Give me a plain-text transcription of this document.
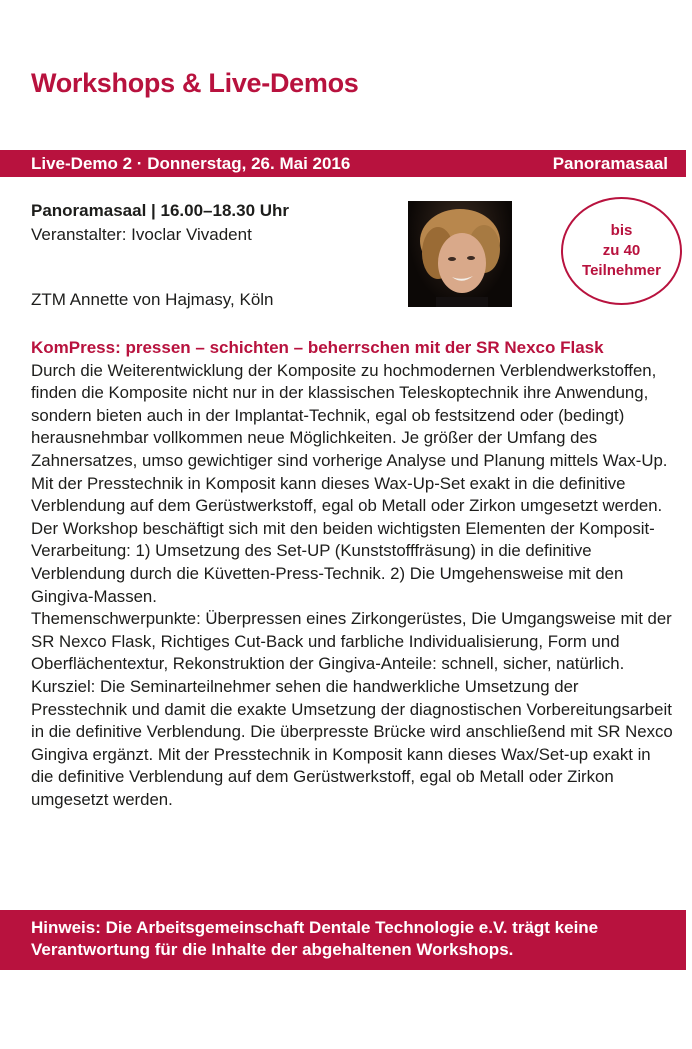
Workshops & Live-Demos
Live-Demo 2 · Donnerstag, 26. Mai 2016	Panoramasaal
Panoramasaal | 16.00–18.30 Uhr
Veranstalter: Ivoclar Vivadent	bis
zu 40
Teilnehmer
ZTM Annette von Hajmasy, Köln
KomPress: pressen – schichten – beherrschen mit der SR Nexco Flask

Durch die Weiterentwicklung der Komposite zu hochmodernen Verblendwerkstoffen, finden die Komposite nicht nur in der klassischen Teleskoptechnik ihre Anwendung, sondern bieten auch in der Implantat-Technik, egal ob festsitzend oder (bedingt) herausnehmbar vollkommen neue Möglichkeiten. Je größer der Umfang des Zahnersatzes, umso gewichtiger sind vorherige Analyse und Planung mittels Wax-Up. Mit der Presstechnik in Komposit kann dieses Wax-Up-Set exakt in die definitive Verblendung auf dem Gerüstwerkstoff, egal ob Metall oder Zirkon umgesetzt werden.

Der Workshop beschäftigt sich mit den beiden wichtigsten Elementen der Komposit-Verarbeitung: 1) Umsetzung des Set-UP (Kunststofffräsung) in die definitive Verblendung durch die Küvetten-Press-Technik. 2) Die Umgehensweise mit den Gingiva-Massen.

Themenschwerpunkte: Überpressen eines Zirkongerüstes, Die Umgangsweise mit der SR Nexco Flask, Richtiges Cut-Back und farbliche Individualisierung, Form und Oberflächentextur, Rekonstruktion der Gingiva-Anteile: schnell, sicher, natürlich.

Kursziel: Die Seminarteilnehmer sehen die handwerkliche Umsetzung der Presstechnik und damit die exakte Umsetzung der diagnostischen Vorbereitungsarbeit in die definitive Verblendung. Die überpresste Brücke wird anschließend mit SR Nexco Gingiva ergänzt. Mit der Presstechnik in Komposit kann dieses Wax/Set-up exakt in die definitive Verblendung auf dem Gerüstwerkstoff, egal ob Metall oder Zirkon umgesetzt werden.

Hinweis: Die Arbeitsgemeinschaft Dentale Technologie e.V. trägt keine Verantwortung für die Inhalte der abgehaltenen Workshops.
